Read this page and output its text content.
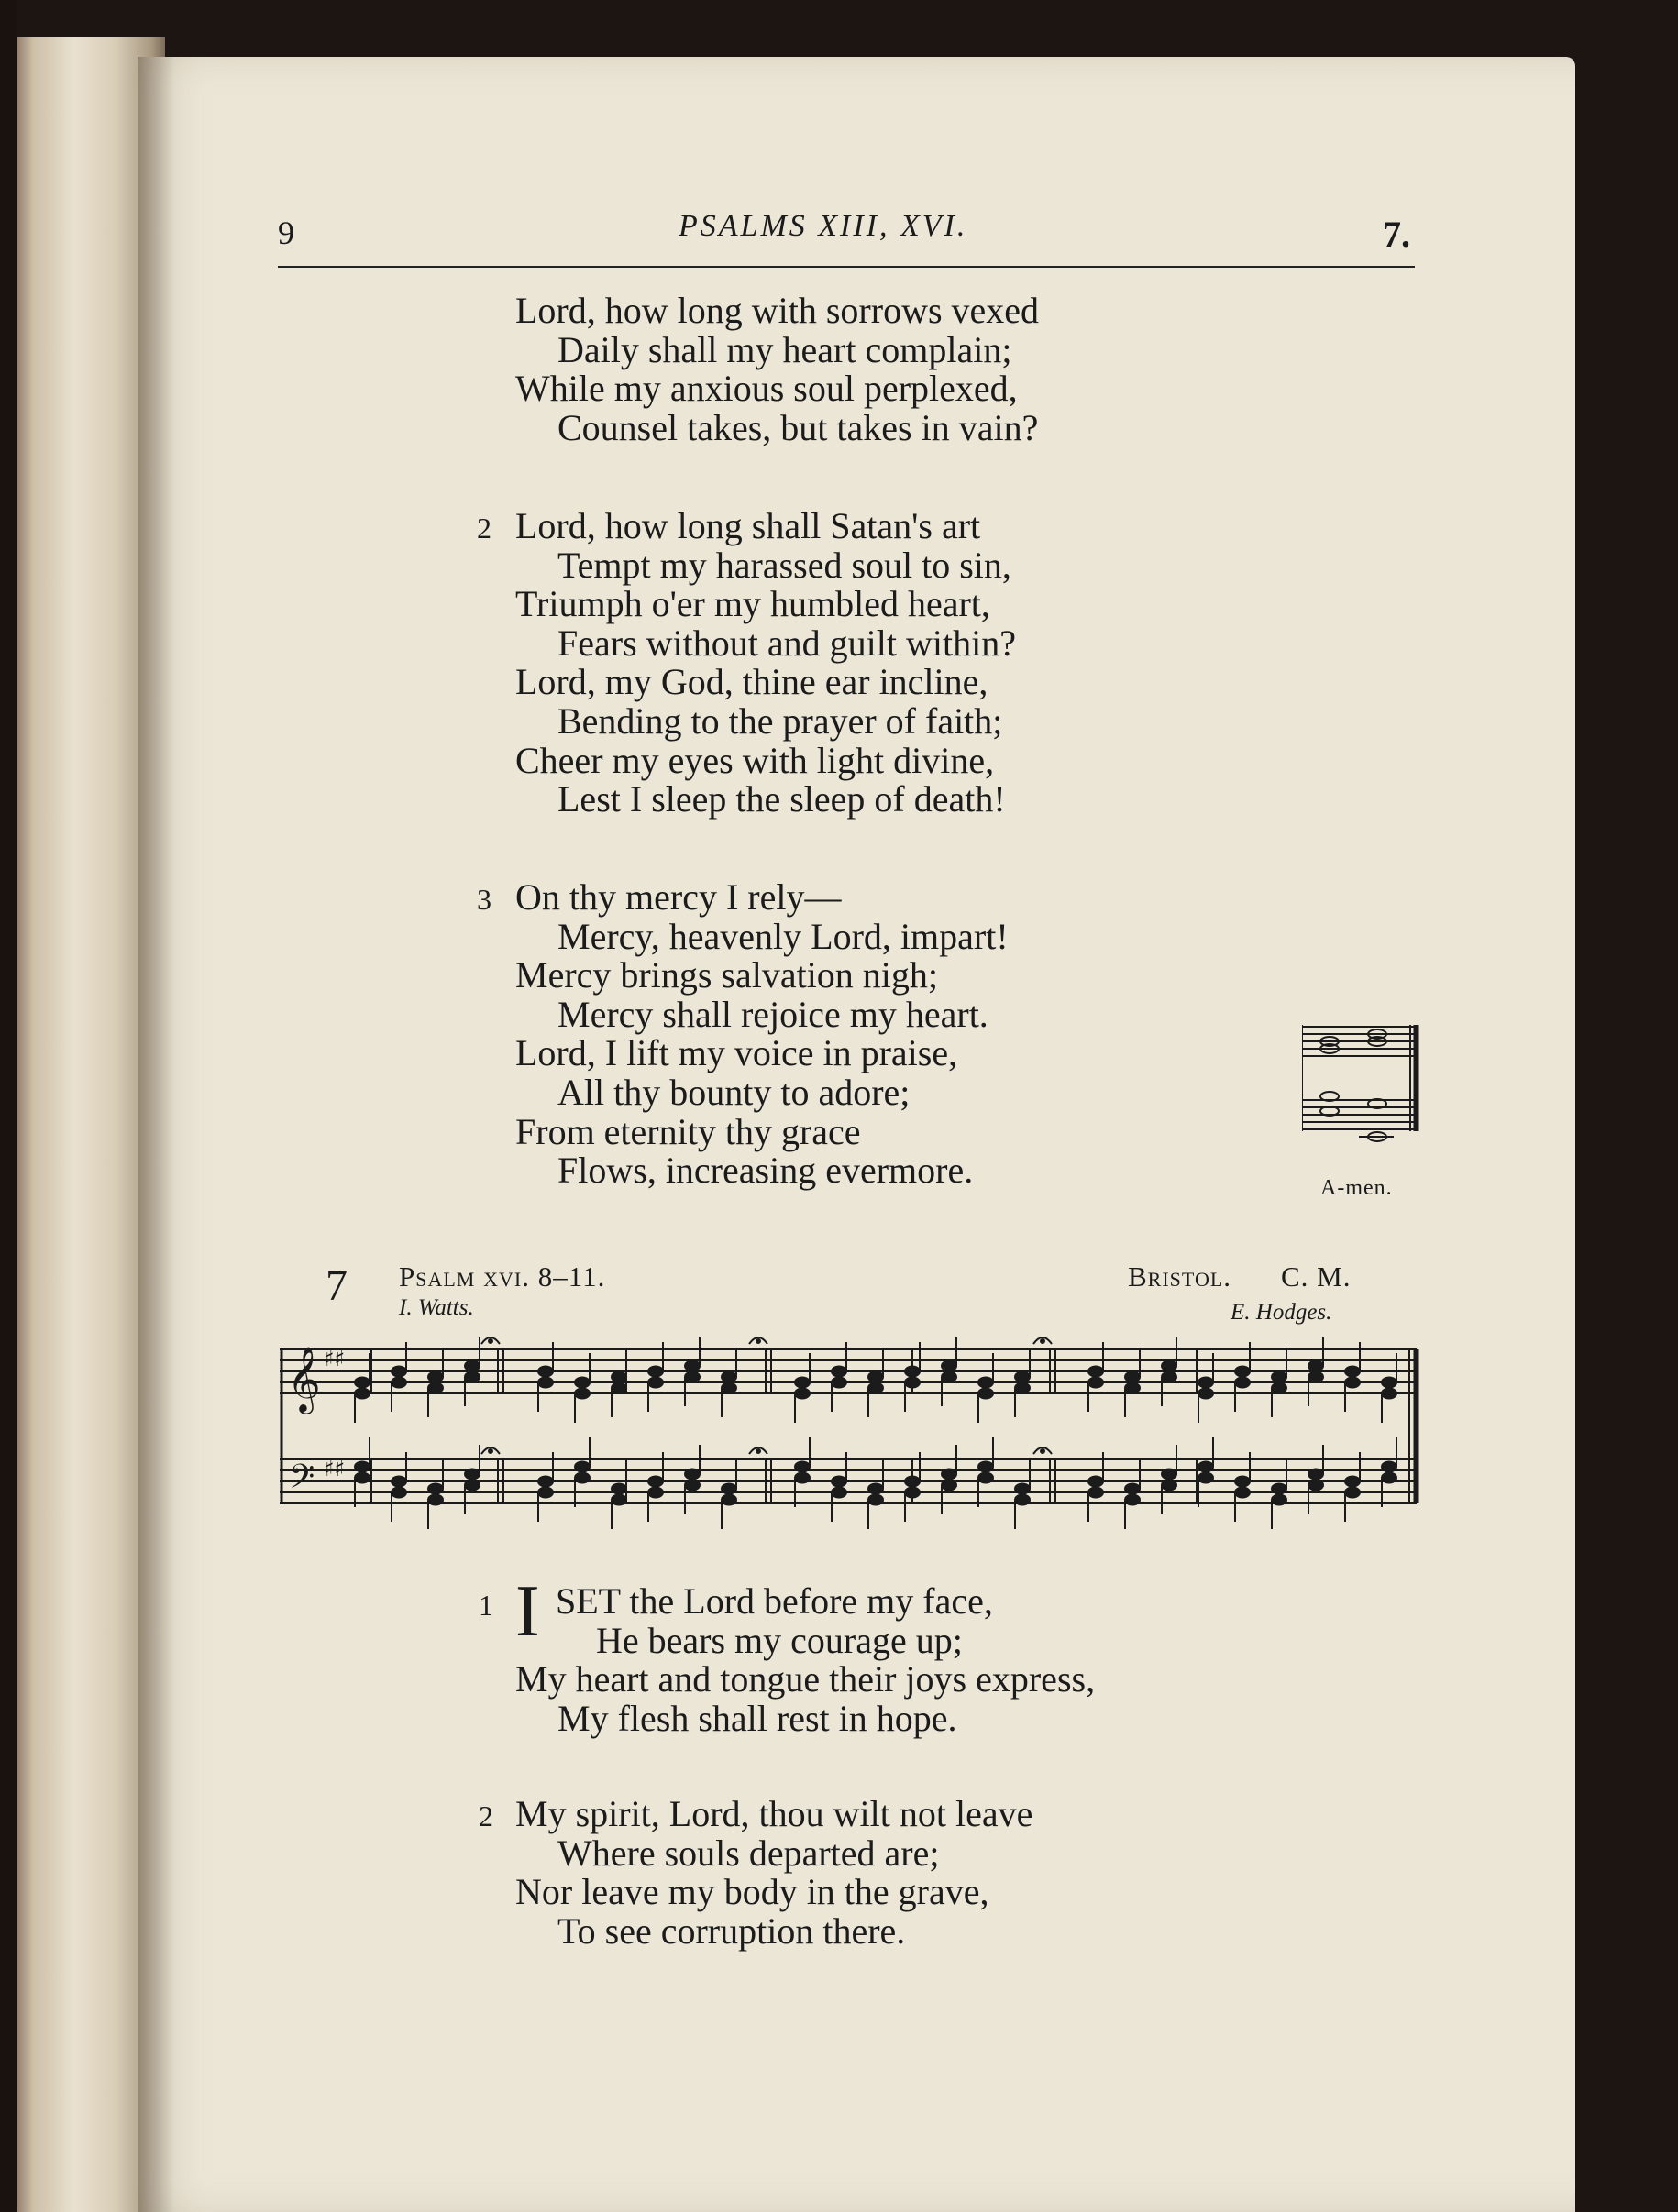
9	PSALMS XIII, XVI.	7.
Lord, how long with sorrows vexed
Daily shall my heart complain;
While my anxious soul perplexed,
Counsel takes, but takes in vain?
2 Lord, how long shall Satan's art
Tempt my harassed soul to sin,
Triumph o'er my humbled heart,
Fears without and guilt within?
Lord, my God, thine ear incline,
Bending to the prayer of faith;
Cheer my eyes with light divine,
Lest I sleep the sleep of death!
3 On thy mercy I rely—
Mercy, heavenly Lord, impart!
Mercy brings salvation nigh;
Mercy shall rejoice my heart.
Lord, I lift my voice in praise,
All thy bounty to adore;
From eternity thy grace
Flows, increasing evermore.	A-men.
7 Psalm xvi. 8–11.
I. Watts.
Bristol. C. M.
E. Hodges.
𝄞
𝄢
♯♯
♯♯
1 I SET the Lord before my face,
He bears my courage up;
My heart and tongue their joys express,
My flesh shall rest in hope.
2 My spirit, Lord, thou wilt not leave
Where souls departed are;
Nor leave my body in the grave,
To see corruption there.
